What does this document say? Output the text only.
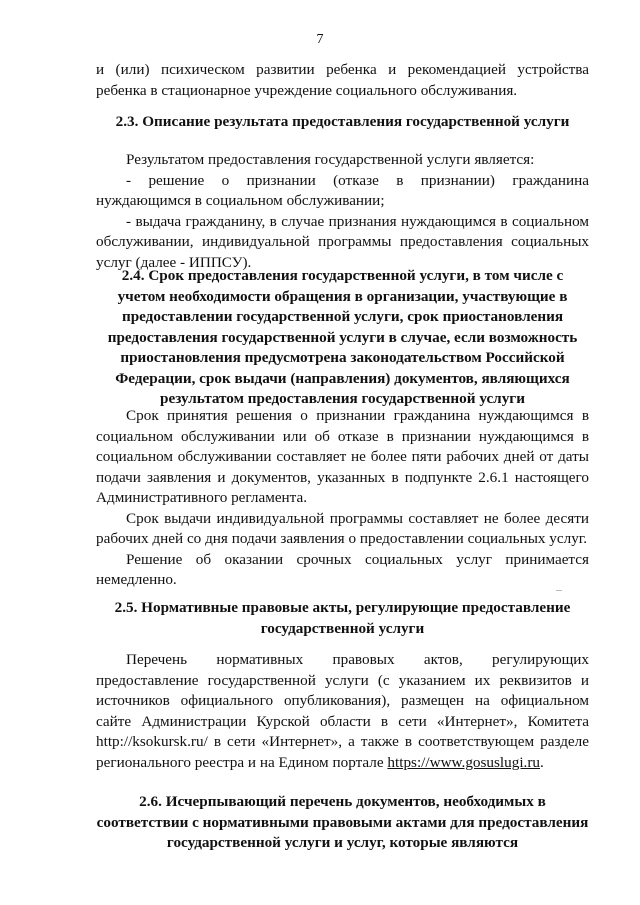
7

и (или) психическом развитии ребенка и рекомендацией устройства ребенка в стационарное учреждение социального обслуживания.

2.3. Описание результата предоставления государственной услуги

Результатом предоставления государственной услуги является:

- решение о признании (отказе в признании) гражданина нуждающимся в социальном обслуживании;

- выдача гражданину, в случае признания нуждающимся в социальном обслуживании, индивидуальной программы предоставления социальных услуг (далее - ИППСУ).

2.4. Срок предоставления государственной услуги, в том числе с учетом необходимости обращения в организации, участвующие в предоставлении государственной услуги, срок приостановления предоставления государственной услуги в случае, если возможность приостановления предусмотрена законодательством Российской Федерации, срок выдачи (направления) документов, являющихся результатом предоставления государственной услуги

Срок принятия решения о признании гражданина нуждающимся в социальном обслуживании или об отказе в признании нуждающимся в социальном обслуживании составляет не более пяти рабочих дней от даты подачи заявления и документов, указанных в подпункте 2.6.1 настоящего Административного регламента.

Срок выдачи индивидуальной программы составляет не более десяти рабочих дней со дня подачи заявления о предоставлении социальных услуг.

Решение об оказании срочных социальных услуг принимается немедленно.

2.5. Нормативные правовые акты, регулирующие предоставление государственной услуги

Перечень нормативных правовых актов, регулирующих предоставление государственной услуги (с указанием их реквизитов и источников официального опубликования), размещен на официальном сайте Администрации Курской области в сети «Интернет», Комитета http://ksokursk.ru/ в сети «Интернет», а также в соответствующем разделе регионального реестра и на Едином портале https://www.gosuslugi.ru.

2.6. Исчерпывающий перечень документов, необходимых в соответствии с нормативными правовыми актами для предоставления государственной услуги и услуг, которые являются
